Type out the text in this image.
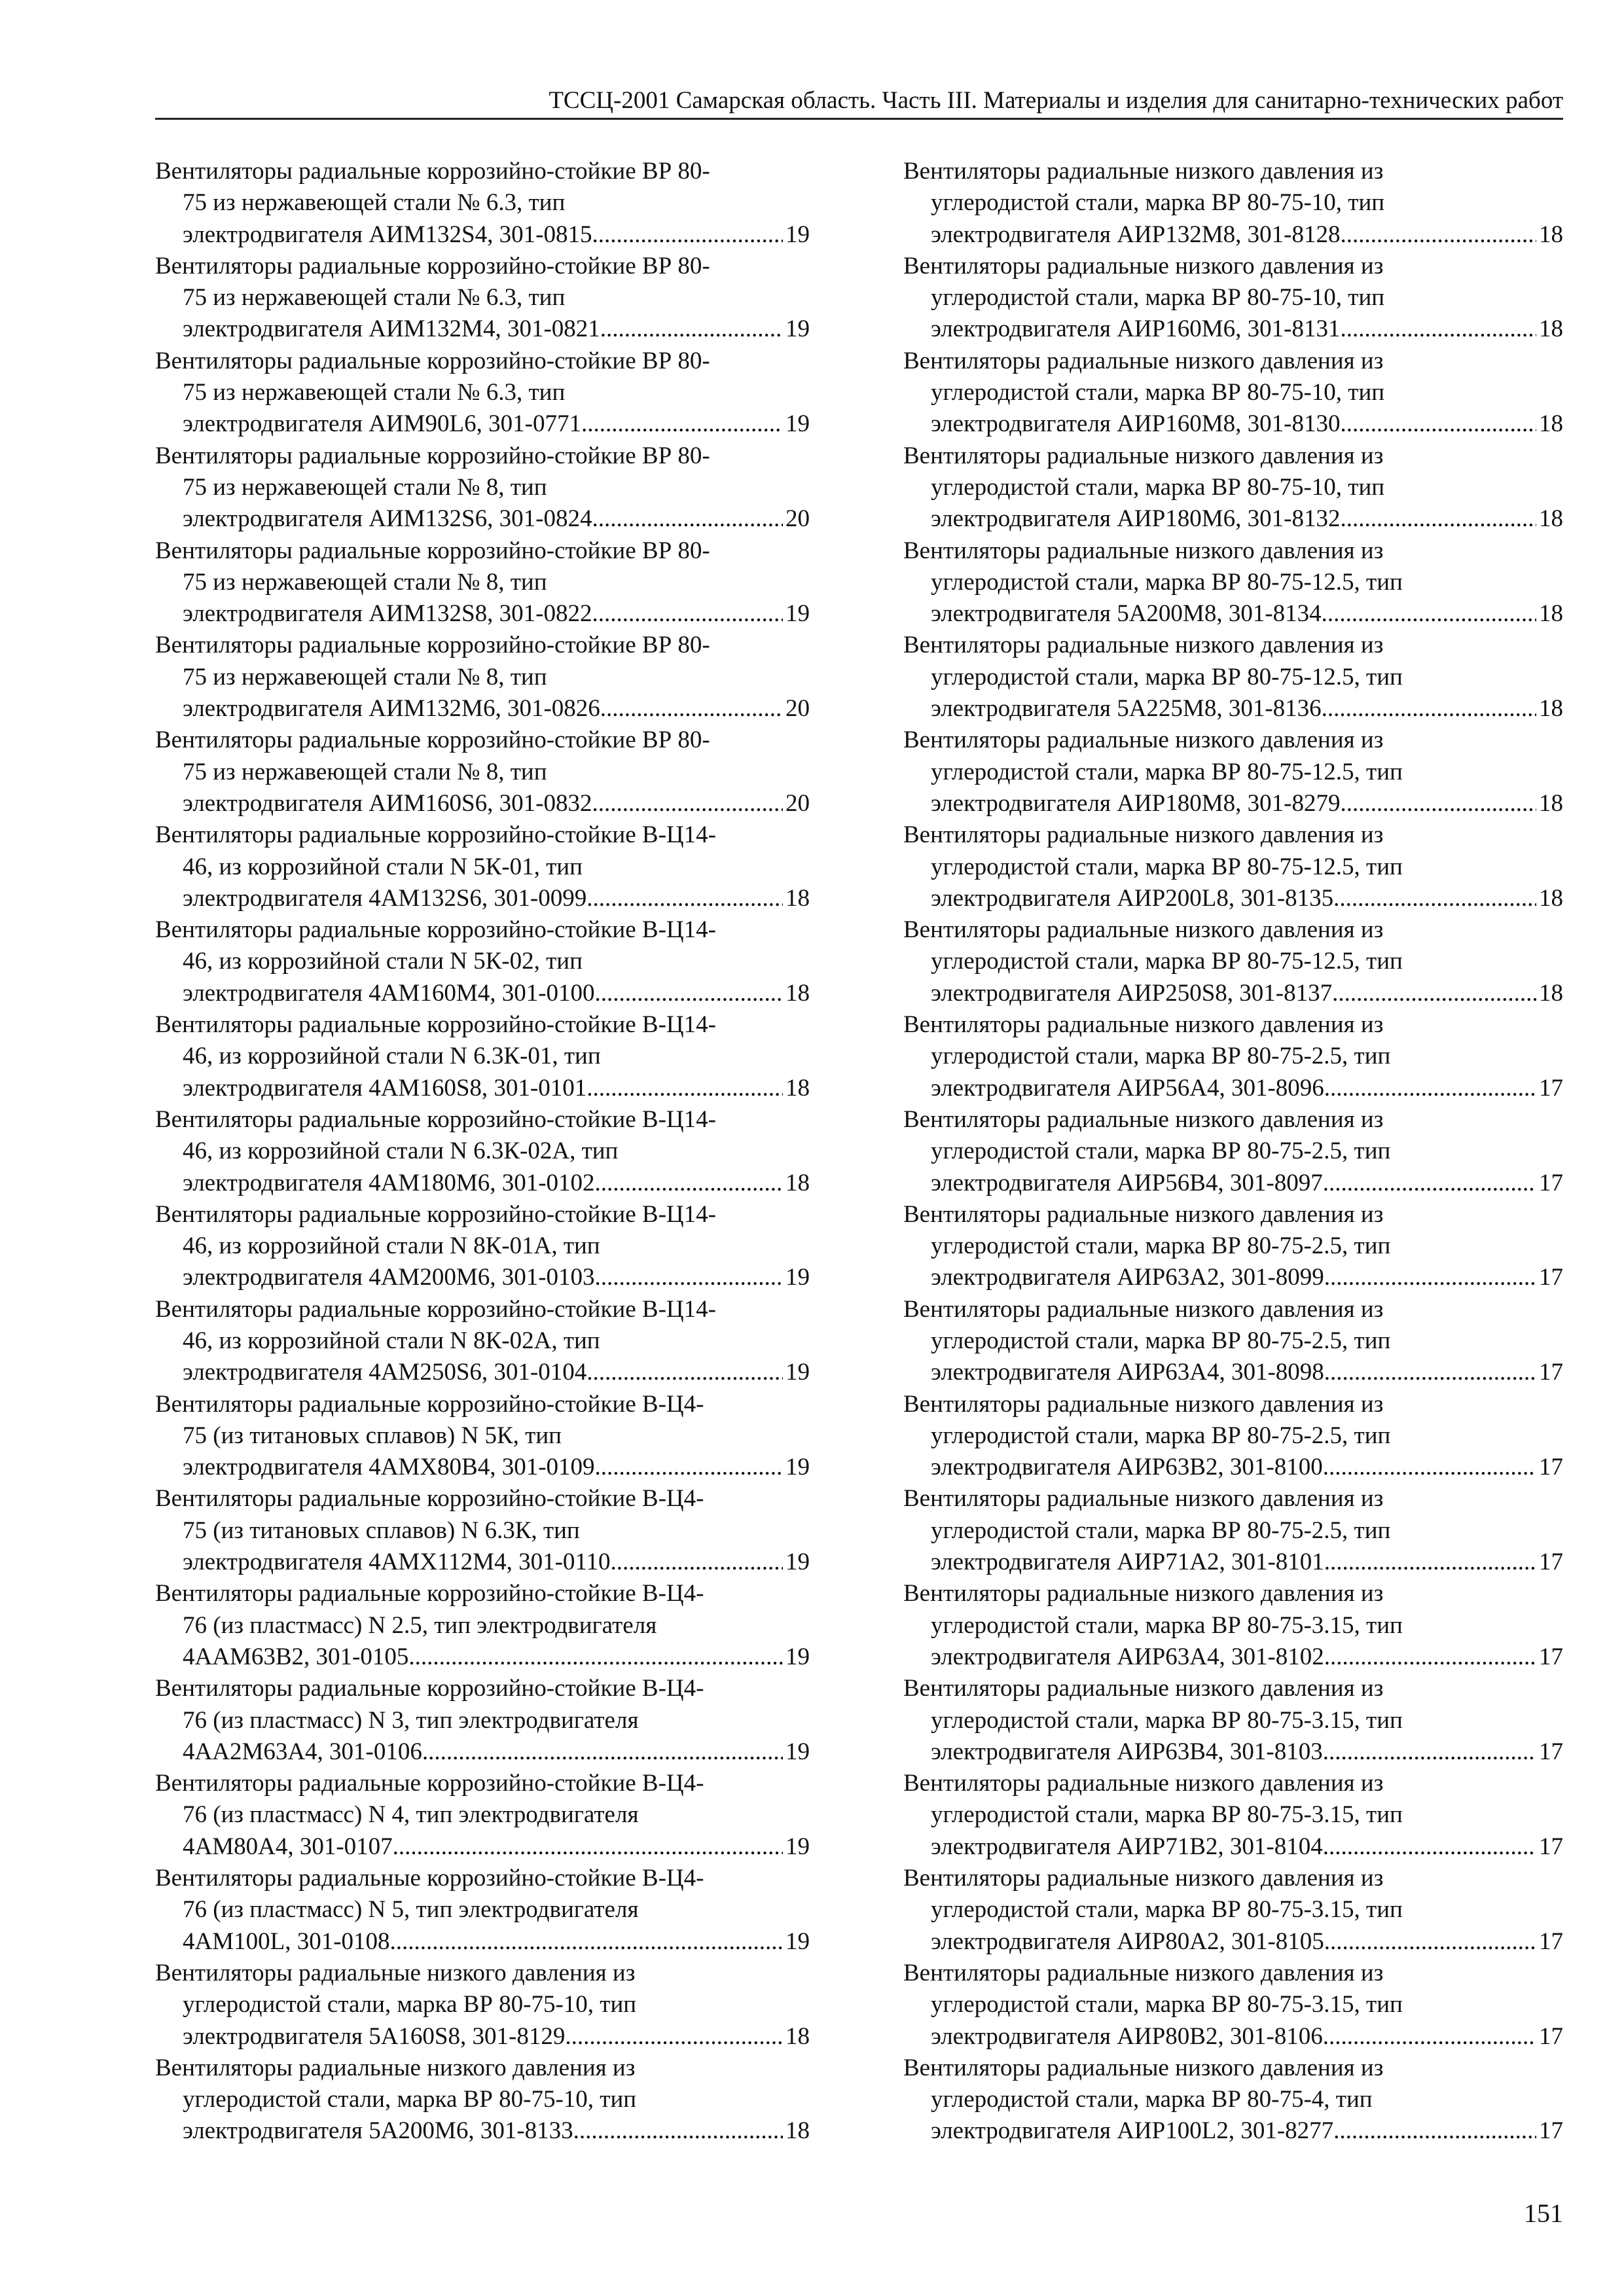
ТССЦ-2001 Самарская область. Часть III. Материалы и изделия для санитарно-технических работ
Вентиляторы радиальные коррозийно-стойкие ВР 80-
75 из нержавеющей стали № 6.3, тип
электродвигателя АИМ132S4, 301-0815 .....	19
Вентиляторы радиальные коррозийно-стойкие ВР 80-
75 из нержавеющей стали № 6.3, тип
электродвигателя АИМ132М4, 301-0821 .....	19
Вентиляторы радиальные коррозийно-стойкие ВР 80-
75 из нержавеющей стали № 6.3, тип
электродвигателя АИМ90L6, 301-0771 .....	19
Вентиляторы радиальные коррозийно-стойкие ВР 80-
75 из нержавеющей стали № 8, тип
электродвигателя АИМ132S6, 301-0824 .....	20
Вентиляторы радиальные коррозийно-стойкие ВР 80-
75 из нержавеющей стали № 8, тип
электродвигателя АИМ132S8, 301-0822 .....	19
Вентиляторы радиальные коррозийно-стойкие ВР 80-
75 из нержавеющей стали № 8, тип
электродвигателя АИМ132М6, 301-0826 .....	20
Вентиляторы радиальные коррозийно-стойкие ВР 80-
75 из нержавеющей стали № 8, тип
электродвигателя АИМ160S6, 301-0832 .....	20
Вентиляторы радиальные коррозийно-стойкие В-Ц14-
46, из коррозийной стали N 5К-01, тип
электродвигателя 4АМ132S6, 301-0099 .....	18
Вентиляторы радиальные коррозийно-стойкие В-Ц14-
46, из коррозийной стали N 5К-02, тип
электродвигателя 4АМ160М4, 301-0100 .....	18
Вентиляторы радиальные коррозийно-стойкие В-Ц14-
46, из коррозийной стали N 6.3К-01, тип
электродвигателя 4АМ160S8, 301-0101 .....	18
Вентиляторы радиальные коррозийно-стойкие В-Ц14-
46, из коррозийной стали N 6.3К-02А, тип
электродвигателя 4АМ180М6, 301-0102 .....	18
Вентиляторы радиальные коррозийно-стойкие В-Ц14-
46, из коррозийной стали N 8К-01А, тип
электродвигателя 4АМ200М6, 301-0103 .....	19
Вентиляторы радиальные коррозийно-стойкие В-Ц14-
46, из коррозийной стали N 8К-02А, тип
электродвигателя 4АМ250S6, 301-0104 .....	19
Вентиляторы радиальные коррозийно-стойкие В-Ц4-
75 (из титановых сплавов) N 5К, тип
электродвигателя 4АМХ80В4, 301-0109 .....	19
Вентиляторы радиальные коррозийно-стойкие В-Ц4-
75 (из титановых сплавов) N 6.3К, тип
электродвигателя 4АМХ112М4, 301-0110 .....	19
Вентиляторы радиальные коррозийно-стойкие В-Ц4-
76 (из пластмасс) N 2.5, тип электродвигателя
4ААМ63В2, 301-0105 .....	19
Вентиляторы радиальные коррозийно-стойкие В-Ц4-
76 (из пластмасс) N 3, тип электродвигателя
4АА2М63А4, 301-0106 .....	19
Вентиляторы радиальные коррозийно-стойкие В-Ц4-
76 (из пластмасс) N 4, тип электродвигателя
4АМ80А4, 301-0107 .....	19
Вентиляторы радиальные коррозийно-стойкие В-Ц4-
76 (из пластмасс) N 5, тип электродвигателя
4АМ100L, 301-0108 .....	19
Вентиляторы радиальные низкого давления из
углеродистой стали, марка ВР 80-75-10, тип
электродвигателя 5А160S8, 301-8129 .....	18
Вентиляторы радиальные низкого давления из
углеродистой стали, марка ВР 80-75-10, тип
электродвигателя 5А200М6, 301-8133 .....	18
Вентиляторы радиальные низкого давления из
углеродистой стали, марка ВР 80-75-10, тип
электродвигателя АИР132М8, 301-8128 .....	18
Вентиляторы радиальные низкого давления из
углеродистой стали, марка ВР 80-75-10, тип
электродвигателя АИР160М6, 301-8131 .....	18
Вентиляторы радиальные низкого давления из
углеродистой стали, марка ВР 80-75-10, тип
электродвигателя АИР160М8, 301-8130 .....	18
Вентиляторы радиальные низкого давления из
углеродистой стали, марка ВР 80-75-10, тип
электродвигателя АИР180М6, 301-8132 .....	18
Вентиляторы радиальные низкого давления из
углеродистой стали, марка ВР 80-75-12.5, тип
электродвигателя 5А200М8, 301-8134 .....	18
Вентиляторы радиальные низкого давления из
углеродистой стали, марка ВР 80-75-12.5, тип
электродвигателя 5А225М8, 301-8136 .....	18
Вентиляторы радиальные низкого давления из
углеродистой стали, марка ВР 80-75-12.5, тип
электродвигателя АИР180М8, 301-8279 .....	18
Вентиляторы радиальные низкого давления из
углеродистой стали, марка ВР 80-75-12.5, тип
электродвигателя АИР200L8, 301-8135 .....	18
Вентиляторы радиальные низкого давления из
углеродистой стали, марка ВР 80-75-12.5, тип
электродвигателя АИР250S8, 301-8137 .....	18
Вентиляторы радиальные низкого давления из
углеродистой стали, марка ВР 80-75-2.5, тип
электродвигателя АИР56А4, 301-8096 .....	17
Вентиляторы радиальные низкого давления из
углеродистой стали, марка ВР 80-75-2.5, тип
электродвигателя АИР56В4, 301-8097 .....	17
Вентиляторы радиальные низкого давления из
углеродистой стали, марка ВР 80-75-2.5, тип
электродвигателя АИР63А2, 301-8099 .....	17
Вентиляторы радиальные низкого давления из
углеродистой стали, марка ВР 80-75-2.5, тип
электродвигателя АИР63А4, 301-8098 .....	17
Вентиляторы радиальные низкого давления из
углеродистой стали, марка ВР 80-75-2.5, тип
электродвигателя АИР63В2, 301-8100 .....	17
Вентиляторы радиальные низкого давления из
углеродистой стали, марка ВР 80-75-2.5, тип
электродвигателя АИР71А2, 301-8101 .....	17
Вентиляторы радиальные низкого давления из
углеродистой стали, марка ВР 80-75-3.15, тип
электродвигателя АИР63А4, 301-8102 .....	17
Вентиляторы радиальные низкого давления из
углеродистой стали, марка ВР 80-75-3.15, тип
электродвигателя АИР63В4, 301-8103 .....	17
Вентиляторы радиальные низкого давления из
углеродистой стали, марка ВР 80-75-3.15, тип
электродвигателя АИР71В2, 301-8104 .....	17
Вентиляторы радиальные низкого давления из
углеродистой стали, марка ВР 80-75-3.15, тип
электродвигателя АИР80А2, 301-8105 .....	17
Вентиляторы радиальные низкого давления из
углеродистой стали, марка ВР 80-75-3.15, тип
электродвигателя АИР80В2, 301-8106 .....	17
Вентиляторы радиальные низкого давления из
углеродистой стали, марка ВР 80-75-4, тип
электродвигателя АИР100L2, 301-8277 .....	17
151
